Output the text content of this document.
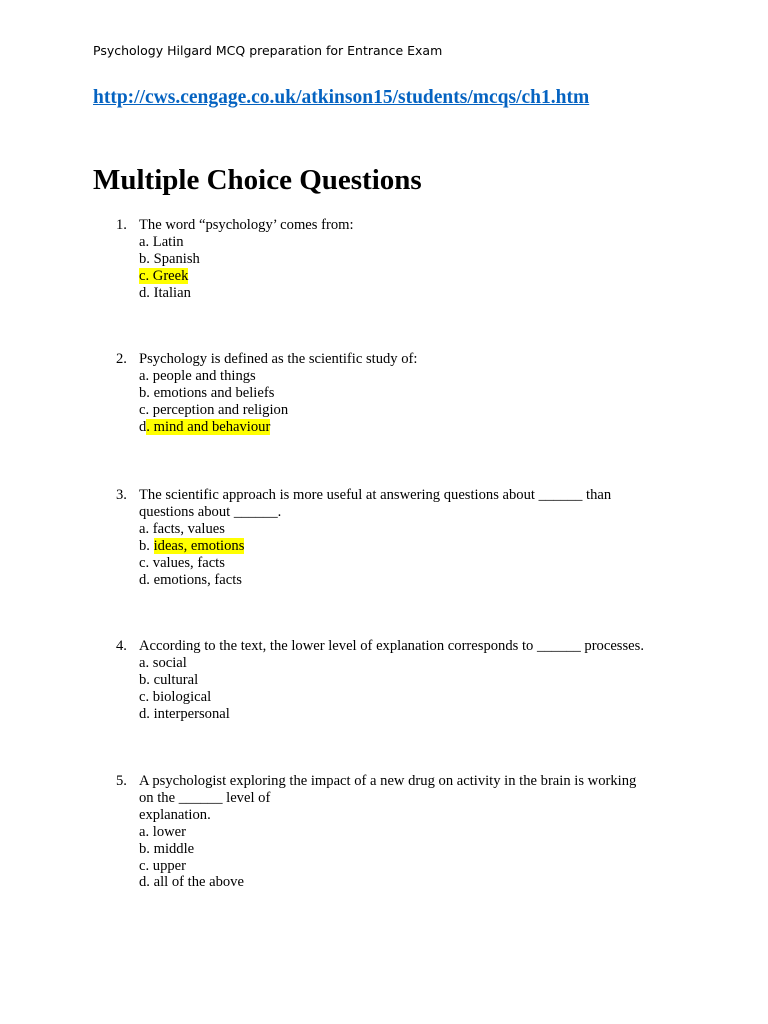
Psychology Hilgard MCQ preparation for Entrance Exam
http://cws.cengage.co.uk/atkinson15/students/mcqs/ch1.htm
Multiple Choice Questions
1. The word “psychology’ comes from:
a. Latin
b. Spanish
c. Greek
d. Italian
2. Psychology is defined as the scientific study of:
a. people and things
b. emotions and beliefs
c. perception and religion
d. mind and behaviour
3. The scientific approach is more useful at answering questions about ______ than
questions about ______.
a. facts, values
b. ideas, emotions
c. values, facts
d. emotions, facts
4. According to the text, the lower level of explanation corresponds to ______ processes.
a. social
b. cultural
c. biological
d. interpersonal
5. A psychologist exploring the impact of a new drug on activity in the brain is working
on the ______ level of
explanation.
a. lower
b. middle
c. upper
d. all of the above
